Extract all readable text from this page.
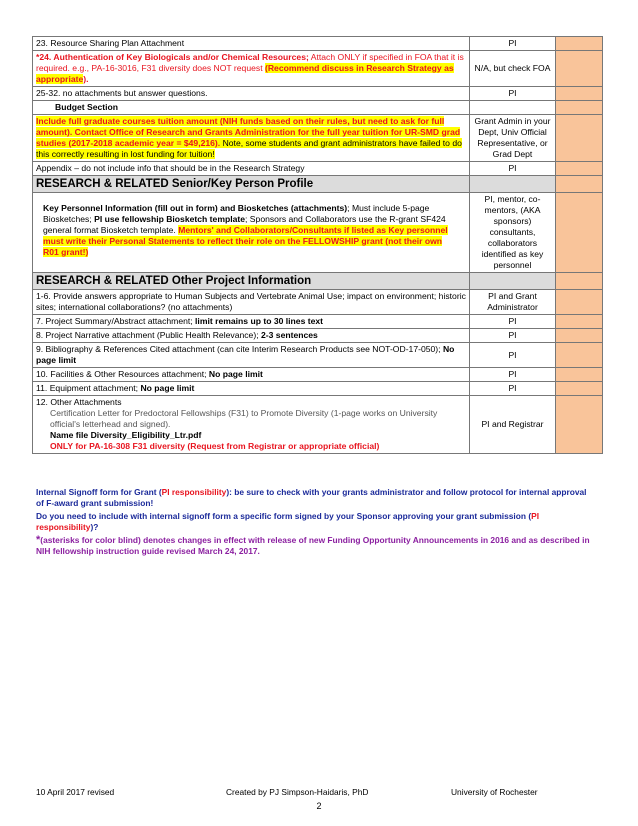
23. Resource Sharing Plan Attachment	PI	
*24. Authentication of Key Biologicals and/or Chemical Resources; Attach ONLY if specified in FOA that it is required. e.g., PA-16-3016, F31 diversity does NOT request (Recommend discuss in Research Strategy as appropriate).	N/A, but check FOA	
25-32. no attachments but answer questions.	PI	
Budget Section		
Include full graduate courses tuition amount (NIH funds based on their rules, but need to ask for full amount). Contact Office of Research and Grants Administration for the full year tuition for UR-SMD grad studies (2017-2018 academic year = $49,216). Note, some students and grant administrators have failed to do this correctly resulting in lost funding for tuition!	Grant Admin in your Dept, Univ Official Representative, or Grad Dept	
Appendix – do not include info that should be in the Research Strategy	PI	
RESEARCH & RELATED Senior/Key Person Profile		
Key Personnel Information (fill out in form) and Biosketches (attachments); Must include 5-page Biosketches; PI use fellowship Biosketch template; Sponsors and Collaborators use the R-grant SF424 general format Biosketch template. Mentors' and Collaborators/Consultants if listed as Key personnel must write their Personal Statements to reflect their role on the FELLOWSHIP grant (not their own R01 grant!)	PI, mentor, co-mentors, (AKA sponsors) consultants, collaborators identified as key personnel	
RESEARCH & RELATED Other Project Information		
1-6. Provide answers appropriate to Human Subjects and Vertebrate Animal Use; impact on environment; historic sites; international collaborations? (no attachments)	PI and Grant Administrator	
7. Project Summary/Abstract attachment; limit remains up to 30 lines text	PI	
8. Project Narrative attachment (Public Health Relevance); 2-3 sentences	PI	
9. Bibliography & References Cited attachment (can cite Interim Research Products see NOT-OD-17-050); No page limit	PI	
10. Facilities & Other Resources attachment; No page limit	PI	
11. Equipment attachment; No page limit	PI	

12. Other Attachments
Certification Letter for Predoctoral Fellowships (F31) to Promote Diversity (1-page works on University official's letterhead and signed).
Name file Diversity_Eligibility_Ltr.pdf
ONLY for PA-16-308 F31 diversity (Request from Registrar or appropriate official)	PI and Registrar	

Internal Signoff form for Grant (PI responsibility): be sure to check with your grants administrator and follow protocol for internal approval of F-award grant submission!

Do you need to include with internal signoff form a specific form signed by your Sponsor approving your grant submission (PI responsibility)?

*(asterisks for color blind) denotes changes in effect with release of new Funding Opportunity Announcements in 2016 and as described in NIH fellowship instruction guide revised March 24, 2017.

10 April 2017 revised	Created by PJ Simpson-Haidaris, PhD	University of Rochester
2
